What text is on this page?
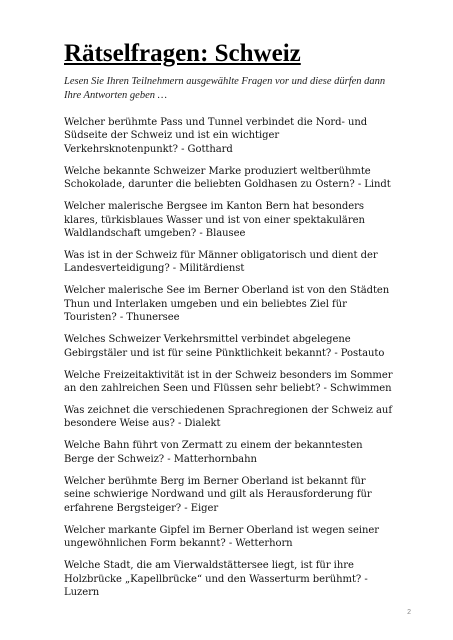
Rätselfragen: Schweiz

Lesen Sie Ihren Teilnehmern ausgewählte Fragen vor und diese dürfen dann Ihre Antworten geben …

Welcher berühmte Pass und Tunnel verbindet die Nord- und Südseite der Schweiz und ist ein wichtiger Verkehrsknotenpunkt? - Gotthard
Welche bekannte Schweizer Marke produziert weltberühmte Schokolade, darunter die beliebten Goldhasen zu Ostern? - Lindt
Welcher malerische Bergsee im Kanton Bern hat besonders klares, türkisblaues Wasser und ist von einer spektakulären Waldlandschaft umgeben? - Blausee
Was ist in der Schweiz für Männer obligatorisch und dient der Landesverteidigung? - Militärdienst
Welcher malerische See im Berner Oberland ist von den Städten Thun und Interlaken umgeben und ein beliebtes Ziel für Touristen? - Thunersee
Welches Schweizer Verkehrsmittel verbindet abgelegene Gebirgstäler und ist für seine Pünktlichkeit bekannt? - Postauto
Welche Freizeitaktivität ist in der Schweiz besonders im Sommer an den zahlreichen Seen und Flüssen sehr beliebt? - Schwimmen
Was zeichnet die verschiedenen Sprachregionen der Schweiz auf besondere Weise aus? - Dialekt
Welche Bahn führt von Zermatt zu einem der bekanntesten Berge der Schweiz? - Matterhornbahn
Welcher berühmte Berg im Berner Oberland ist bekannt für seine schwierige Nordwand und gilt als Herausforderung für erfahrene Bergsteiger? - Eiger
Welcher markante Gipfel im Berner Oberland ist wegen seiner ungewöhnlichen Form bekannt? - Wetterhorn
Welche Stadt, die am Vierwaldstättersee liegt, ist für ihre Holzbrücke „Kapellbrücke“ und den Wasserturm berühmt? - Luzern
2
